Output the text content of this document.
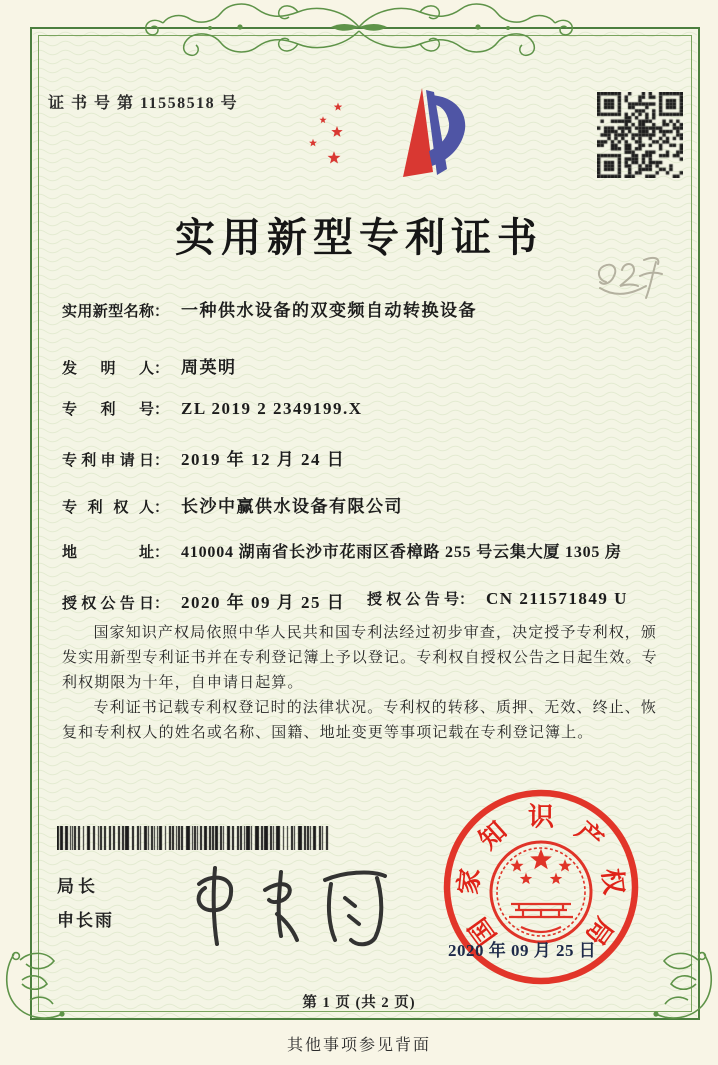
证 书 号 第 11558518 号
实用新型专利证书
实用新型名称： 一种供水设备的双变频自动转换设备
发明人： 周英明
专利号： ZL 2019 2 2349199.X
专利申请日： 2019 年 12 月 24 日
专利权人： 长沙中赢供水设备有限公司
地址： 410004 湖南省长沙市花雨区香樟路 255 号云集大厦 1305 房
授权公告日： 2020 年 09 月 25 日 授权公告号： CN 211571849 U

国家知识产权局依照中华人民共和国专利法经过初步审查，决定授予专利权，颁发实用新型专利证书并在专利登记簿上予以登记。专利权自授权公告之日起生效。专利权期限为十年，自申请日起算。

专利证书记载专利权登记时的法律状况。专利权的转移、质押、无效、终止、恢复和专利权人的姓名或名称、国籍、地址变更等事项记载在专利登记簿上。

局长
申长雨	国
家
知 识 产
权
局
2020 年 09 月 25 日
第 1 页 (共 2 页)
其他事项参见背面
